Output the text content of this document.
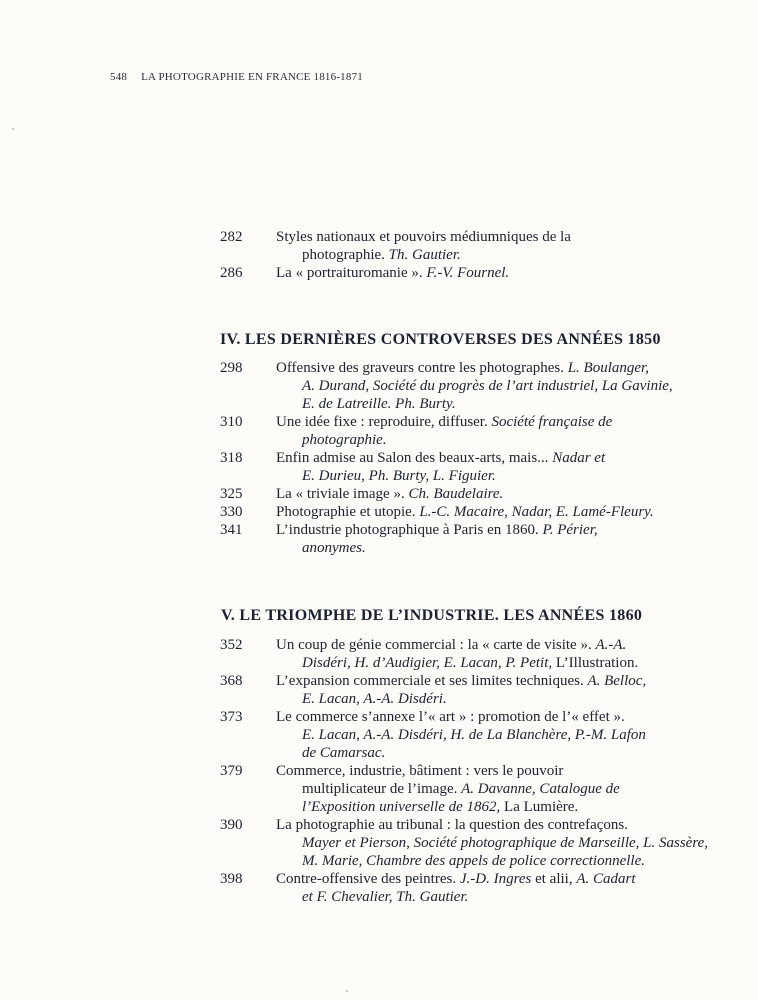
548 LA PHOTOGRAPHIE EN FRANCE 1816-1871
282	Styles nationaux et pouvoirs médiumniques de la
photographie. Th. Gautier.
286	La « portraituromanie ». F.-V. Fournel.
IV. LES DERNIÈRES CONTROVERSES DES ANNÉES 1850
298	Offensive des graveurs contre les photographes. L. Boulanger,
A. Durand, Société du progrès de l’art industriel, La Gavinie,
E. de Latreille. Ph. Burty.
310	Une idée fixe : reproduire, diffuser. Société française de
photographie.
318	Enfin admise au Salon des beaux-arts, mais... Nadar et
E. Durieu, Ph. Burty, L. Figuier.
325	La « triviale image ». Ch. Baudelaire.
330	Photographie et utopie. L.-C. Macaire, Nadar, E. Lamé-Fleury.
341	L’industrie photographique à Paris en 1860. P. Périer,
anonymes.
V. LE TRIOMPHE DE L’INDUSTRIE. LES ANNÉES 1860
352	Un coup de génie commercial : la « carte de visite ». A.-A.
Disdéri, H. d’Audigier, E. Lacan, P. Petit, L’Illustration.
368	L’expansion commerciale et ses limites techniques. A. Belloc,
E. Lacan, A.-A. Disdéri.
373	Le commerce s’annexe l’« art » : promotion de l’« effet ».
E. Lacan, A.-A. Disdéri, H. de La Blanchère, P.-M. Lafon
de Camarsac.
379	Commerce, industrie, bâtiment : vers le pouvoir
multiplicateur de l’image. A. Davanne, Catalogue de
l’Exposition universelle de 1862, La Lumière.
390	La photographie au tribunal : la question des contrefaçons.
Mayer et Pierson, Société photographique de Marseille, L. Sassère,
M. Marie, Chambre des appels de police correctionnelle.
398	Contre-offensive des peintres. J.-D. Ingres et alii, A. Cadart
et F. Chevalier, Th. Gautier.
